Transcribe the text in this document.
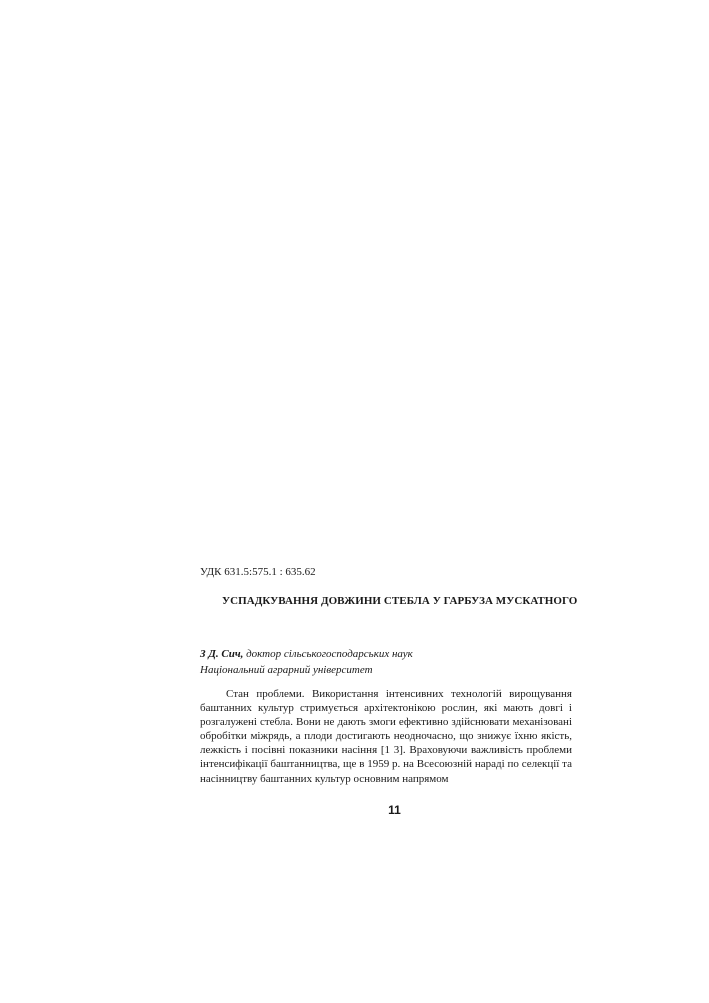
УДК 631.5:575.1 : 635.62
УСПАДКУВАННЯ ДОВЖИНИ СТЕБЛА У ГАРБУЗА МУСКАТНОГО
З Д. Сич, доктор сільськогосподарських наук
Національний аграрний університет

Стан проблеми. Використання інтенсивних технологій вирощування баштанних культур стримується архітектонікою рослин, які мають довгі і розгалужені стебла. Вони не дають змоги ефективно здійснювати механізовані обробітки міжрядь, а плоди достигають неодночасно, що знижує їхню якість, лежкість і посівні показники насіння [1 3]. Враховуючи важливість проблеми інтенсифікації баштанництва, ще в 1959 р. на Всесоюзній нараді по селекції та насінництву баштанних культур основним напрямом

11
